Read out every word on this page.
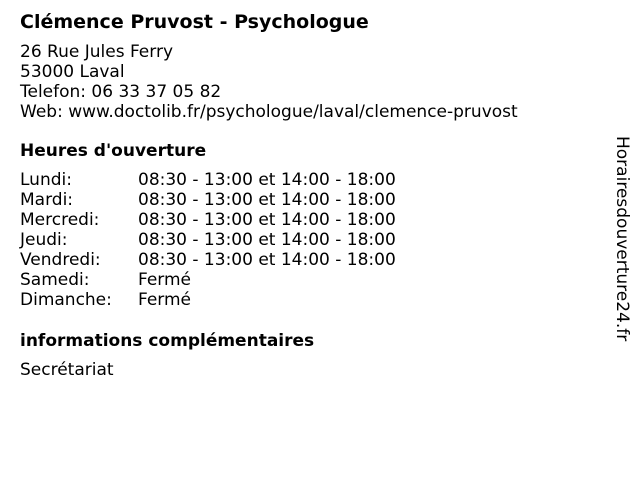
Clémence Pruvost - Psychologue
26 Rue Jules Ferry
53000 Laval
Telefon: 06 33 37 05 82
Web: www.doctolib.fr/psychologue/laval/clemence-pruvost
Heures d'ouverture
Lundi:	08:30 - 13:00 et 14:00 - 18:00
Mardi:	08:30 - 13:00 et 14:00 - 18:00
Mercredi:	08:30 - 13:00 et 14:00 - 18:00
Jeudi:	08:30 - 13:00 et 14:00 - 18:00
Vendredi:	08:30 - 13:00 et 14:00 - 18:00
Samedi:	Fermé
Dimanche:	Fermé
informations complémentaires
Secrétariat
Horairesdouverture24.fr
